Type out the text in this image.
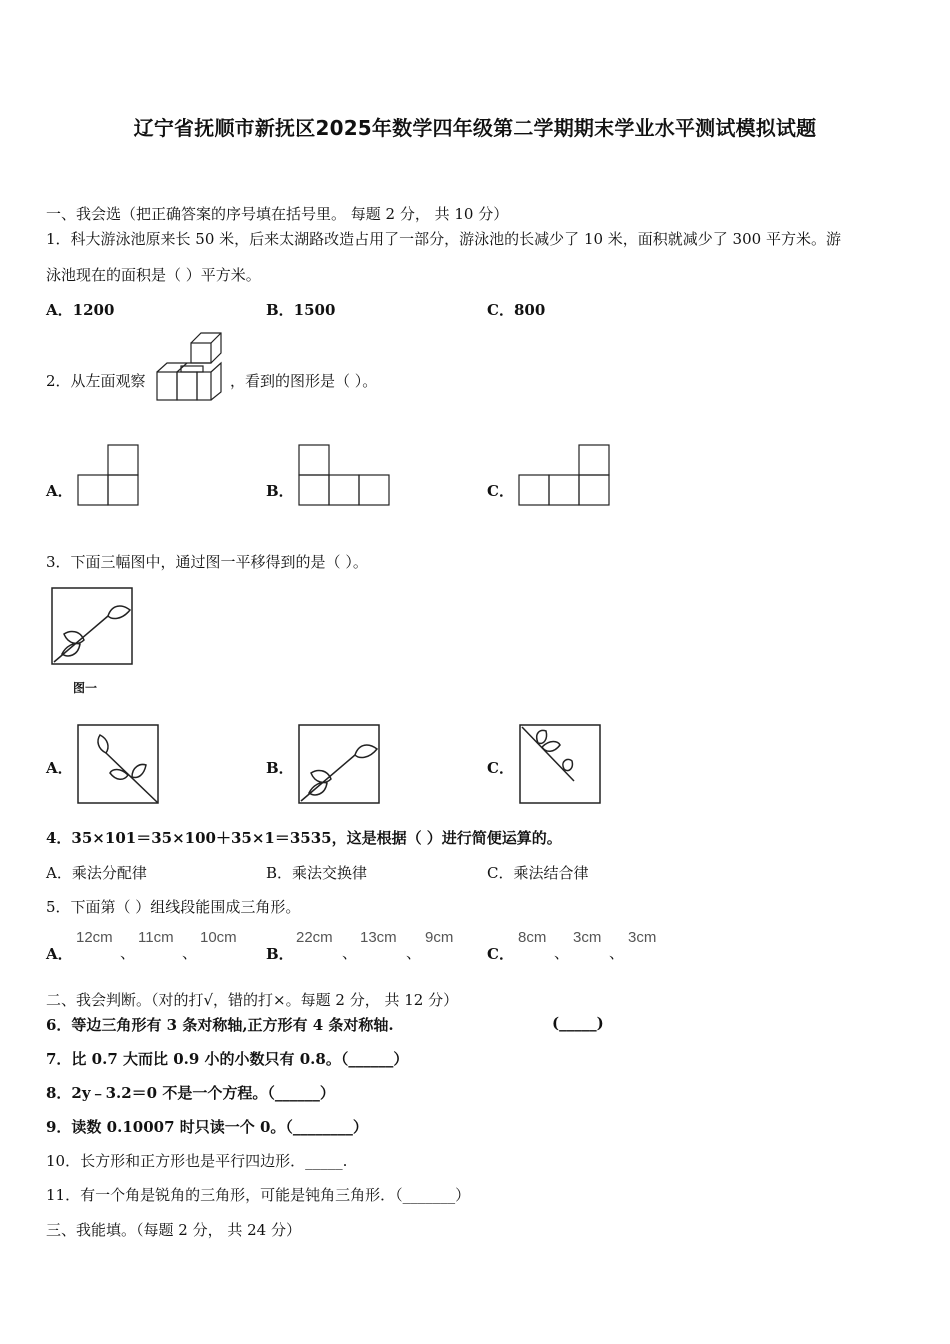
辽宁省抚顺市新抚区2025年数学四年级第二学期期末学业水平测试模拟试题
一、我会选（把正确答案的序号填在括号里。 每题 2 分， 共 10 分）
1．科大游泳池原来长 50 米，后来太湖路改造占用了一部分，游泳池的长减少了 10 米，面积就减少了 300 平方米。游
泳池现在的面积是（ ）平方米。
A．1200	B．1500	C．800
2．从左面观察	，看到的图形是（ ）。
A．	B．	C．
3．下面三幅图中，通过图一平移得到的是（ ）。
图一
A．	B．	C．
4．35×101＝35×100＋35×1＝3535，这是根据（ ）进行简便运算的。
A．乘法分配律	B．乘法交换律	C．乘法结合律
5．下面第（ ）组线段能围成三角形。
A．
12cm
、
11cm
、
10cm
B．
22cm
、
13cm
、
9cm
C．
8cm
、
3cm
、
3cm
二、我会判断。（对的打√，错的打×。每题 2 分， 共 12 分）
6．等边三角形有 3 条对称轴,正方形有 4 条对称轴.	(_____)
7．比 0.7 大而比 0.9 小的小数只有 0.8。（______）
8．2y﹣3.2＝0 不是一个方程。（______）
9．读数 0.10007 时只读一个 0。（________）
10．长方形和正方形也是平行四边形．_____.
11．有一个角是锐角的三角形，可能是钝角三角形．（_______）
三、我能填。（每题 2 分， 共 24 分）
